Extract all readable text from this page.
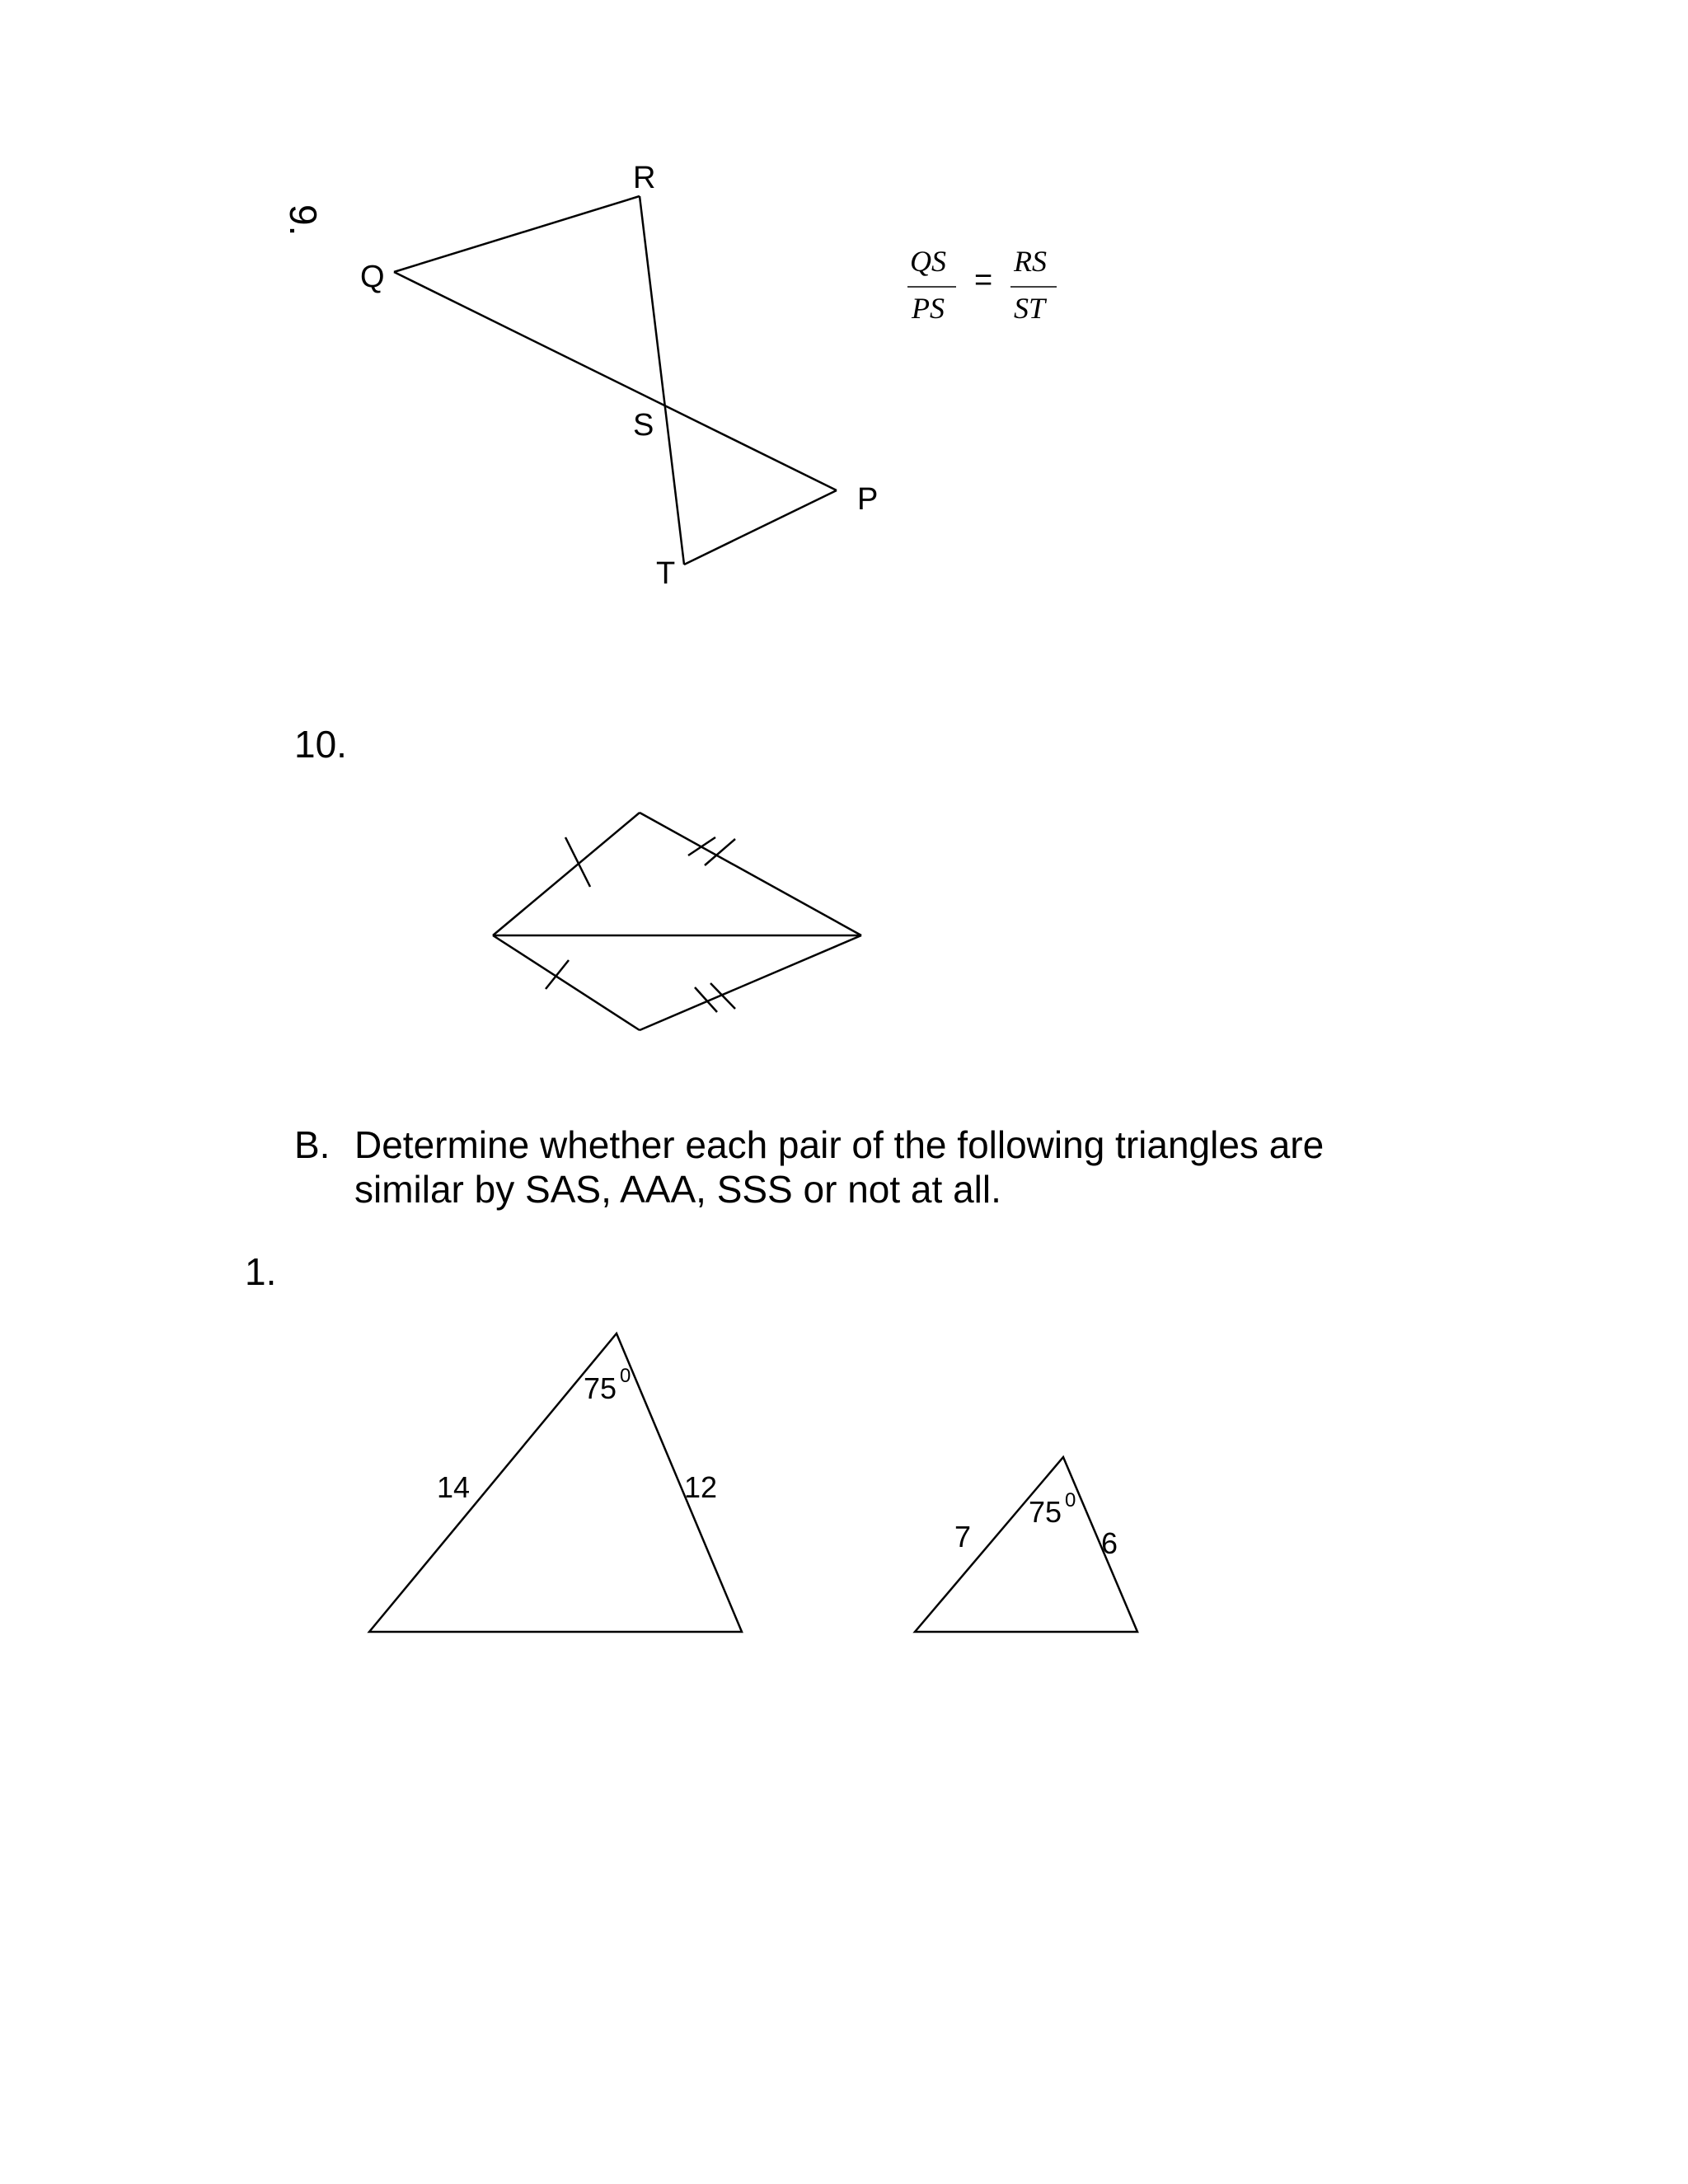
9.
10.
B. Determine whether each pair of the following triangles are similar by SAS, AAA, SSS or not at all.
1.
R
Q
S
P
T
QS
PS
=
RS
ST
14	12
75 0
7	6
75 0
